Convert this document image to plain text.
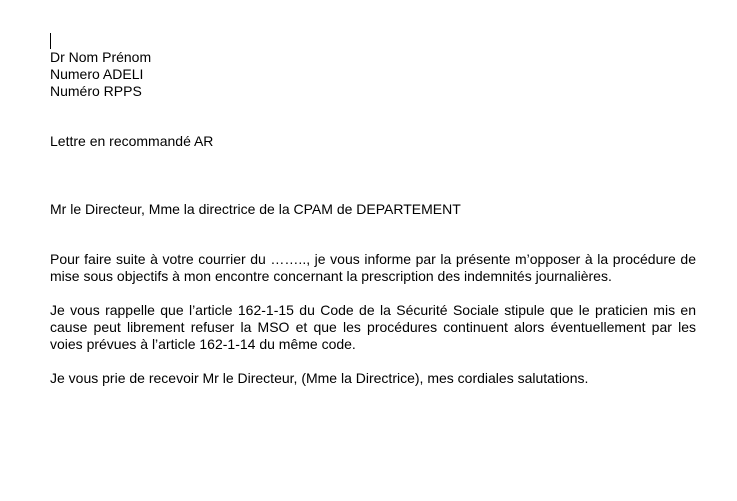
Dr Nom Prénom
Numero ADELI
Numéro RPPS
Lettre en recommandé AR
Mr le Directeur, Mme la directrice de la CPAM de DEPARTEMENT
Pour faire suite à votre courrier du …….., je vous informe par la présente m’opposer à la procédure de mise sous objectifs à mon encontre concernant la prescription des indemnités journalières.
Je vous rappelle que l’article 162-1-15 du Code de la Sécurité Sociale stipule que le praticien mis en cause peut librement refuser la MSO et que les procédures continuent alors éventuellement par les voies prévues à l’article 162-1-14 du même code.
Je vous prie de recevoir Mr le Directeur, (Mme la Directrice), mes cordiales salutations.
